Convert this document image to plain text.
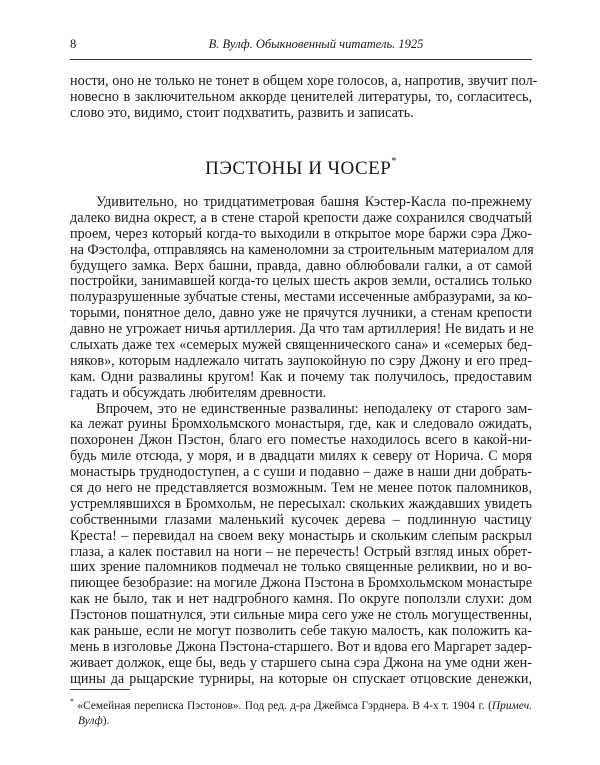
8	В. Вулф. Обыкновенный читатель. 1925
ности, оно не только не тонет в общем хоре голосов, а, напротив, звучит пол-
новесно в заключительном аккорде ценителей литературы, то, согласитесь,
слово это, видимо, стоит подхватить, развить и записать.
ПЭСТОНЫ И ЧОСЕР*
Удивительно, но тридцатиметровая башня Кэстер-Касла по-прежнему
далеко видна окрест, а в стене старой крепости даже сохранился сводчатый
проем, через который когда-то выходили в открытое море баржи сэра Джо-
на Фэстолфа, отправляясь на каменоломни за строительным материалом для
будущего замка. Верх башни, правда, давно облюбовали галки, а от самой
постройки, занимавшей когда-то целых шесть акров земли, остались только
полуразрушенные зубчатые стены, местами иссеченные амбразурами, за ко-
торыми, понятное дело, давно уже не прячутся лучники, а стенам крепости
давно не угрожает ничья артиллерия. Да что там артиллерия! Не видать и не
слыхать даже тех «семерых мужей священнического сана» и «семерых бед-
няков», которым надлежало читать заупокойную по сэру Джону и его пред-
кам. Одни развалины кругом! Как и почему так получилось, предоставим
гадать и обсуждать любителям древности.
Впрочем, это не единственные развалины: неподалеку от старого зам-
ка лежат руины Бромхольмского монастыря, где, как и следовало ожидать,
похоронен Джон Пэстон, благо его поместье находилось всего в какой-ни-
будь миле отсюда, у моря, и в двадцати милях к северу от Норича. С моря
монастырь труднодоступен, а с суши и подавно – даже в наши дни добрать-
ся до него не представляется возможным. Тем не менее поток паломников,
устремлявшихся в Бромхольм, не пересыхал: скольких жаждавших увидеть
собственными глазами маленький кусочек дерева – подлинную частицу
Креста! – перевидал на своем веку монастырь и скольким слепым раскрыл
глаза, а калек поставил на ноги – не перечесть! Острый взгляд иных обрет-
ших зрение паломников подмечал не только священные реликвии, но и во-
пиющее безобразие: на могиле Джона Пэстона в Бромхольмском монастыре
как не было, так и нет надгробного камня. По округе поползли слухи: дом
Пэстонов пошатнулся, эти сильные мира сего уже не столь могущественны,
как раньше, если не могут позволить себе такую малость, как положить ка-
мень в изголовье Джона Пэстона-старшего. Вот и вдова его Маргарет задер-
живает должок, еще бы, ведь у старшего сына сэра Джона на уме одни жен-
щины да рыцарские турниры, на которые он спускает отцовские денежки,
* «Семейная переписка Пэстонов». Под ред. д-ра Джеймса Гэрднера. В 4-х т. 1904 г. (Примеч.
Вулф).
